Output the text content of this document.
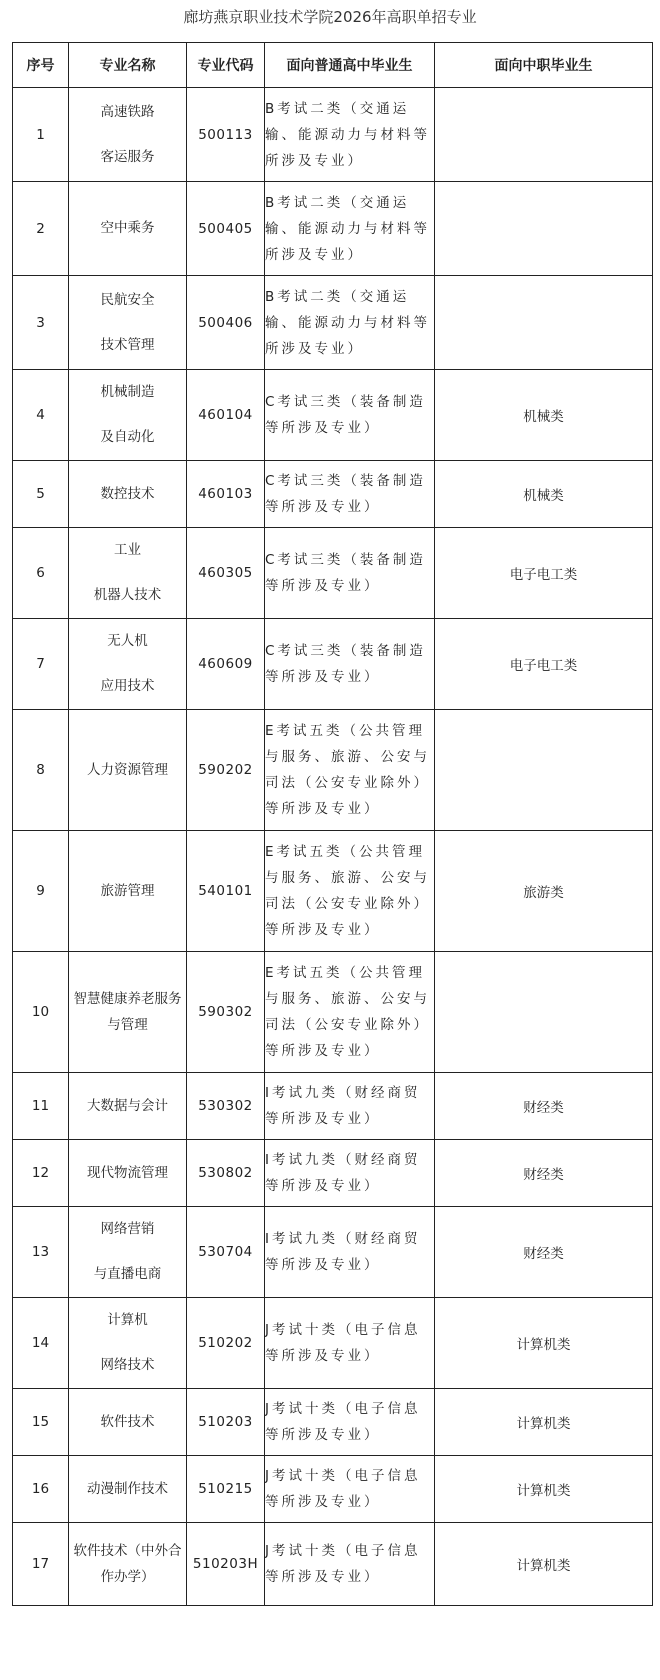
廊坊燕京职业技术学院2026年高职单招专业
序号	专业名称	专业代码	面向普通高中毕业生	面向中职毕业生
1	高速铁路
客运服务	500113	B考试二类（交通运输、能源动力与材料等所涉及专业）	
2	空中乘务	500405	B考试二类（交通运输、能源动力与材料等所涉及专业）	
3	民航安全
技术管理	500406	B考试二类（交通运输、能源动力与材料等所涉及专业）	
4	机械制造
及自动化	460104	C考试三类（装备制造等所涉及专业）	机械类
5	数控技术	460103	C考试三类（装备制造等所涉及专业）	机械类
6	工业
机器人技术	460305	C考试三类（装备制造等所涉及专业）	电子电工类
7	无人机
应用技术	460609	C考试三类（装备制造等所涉及专业）	电子电工类
8	人力资源管理	590202	E考试五类（公共管理与服务、旅游、公安与司法（公安专业除外）等所涉及专业）	
9	旅游管理	540101	E考试五类（公共管理与服务、旅游、公安与司法（公安专业除外）等所涉及专业）	旅游类
10	智慧健康养老服务与管理	590302	E考试五类（公共管理与服务、旅游、公安与司法（公安专业除外）等所涉及专业）	
11	大数据与会计	530302	I考试九类（财经商贸等所涉及专业）	财经类
12	现代物流管理	530802	I考试九类（财经商贸等所涉及专业）	财经类
13	网络营销
与直播电商	530704	I考试九类（财经商贸等所涉及专业）	财经类
14	计算机
网络技术	510202	J考试十类（电子信息等所涉及专业）	计算机类
15	软件技术	510203	J考试十类（电子信息等所涉及专业）	计算机类
16	动漫制作技术	510215	J考试十类（电子信息等所涉及专业）	计算机类
17	软件技术（中外合作办学）	510203H	J考试十类（电子信息等所涉及专业）	计算机类
